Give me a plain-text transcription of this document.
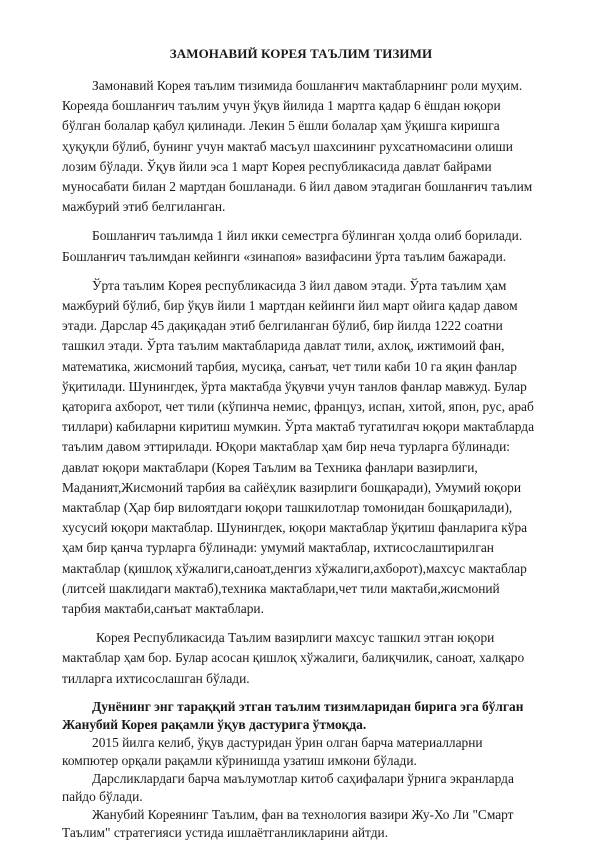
ЗАМОНАВИЙ КОРЕЯ ТАЪЛИМ ТИЗИМИ

Замонавий Корея таълим тизимида бошланғич мактабларнинг роли муҳим. Кореяда бошланғич таълим учун ўқув йилида 1 мартга қадар 6 ёшдан юқори бўлган болалар қабул қилинади. Лекин 5 ёшли болалар ҳам ўқишга киришга ҳуқуқли бўлиб, бунинг учун мактаб масъул шахсининг рухсатномасини олиши лозим бўлади. Ўқув йили эса 1 март Корея республикасида давлат байрами муносабати билан 2 мартдан бошланади. 6 йил давом этадиган бошланғич таълим мажбурий этиб белгиланган.

Бошланғич таълимда 1 йил икки семестрга бўлинган ҳолда олиб борилади. Бошланғич таълимдан кейинги «зинапоя» вазифасини ўрта таълим бажаради.

Ўрта таълим Корея республикасида 3 йил давом этади. Ўрта таълим ҳам мажбурий бўлиб, бир ўқув йили 1 мартдан кейинги йил март ойига қадар давом этади. Дарслар 45 дақиқадан этиб белгиланган бўлиб, бир йилда 1222 соатни ташкил этади. Ўрта таълим мактабларида давлат тили, ахлоқ, ижтимоий фан, математика, жисмоний тарбия, мусиқа, санъат, чет тили каби 10 га яқин фанлар ўқитилади. Шунингдек, ўрта мактабда ўқувчи учун танлов фанлар мавжуд. Булар қаторига ахборот, чет тили (кўпинча немис, француз, испан, хитой, япон, рус, араб тиллари) кабиларни киритиш мумкин. Ўрта мактаб тугатилгач юқори мактабларда таълим давом эттирилади. Юқори мактаблар ҳам бир неча турларга бўлинади: давлат юқори мактаблари (Корея Таълим ва Техника фанлари вазирлиги, Маданият,Жисмоний тарбия ва сайёҳлик вазирлиги бошқаради), Умумий юқори мактаблар (Ҳар бир вилоятдаги юқори ташкилотлар томонидан бошқарилади), хусусий юқори мактаблар. Шунингдек, юқори мактаблар ўқитиш фанларига кўра ҳам бир қанча турларга бўлинади: умумий мактаблар, ихтисослаштирилган мактаблар (қишлоқ хўжалиги,саноат,денгиз хўжалиги,ахборот),махсус мактаблар (литсей шаклидаги мактаб),техника мактаблари,чет тили мактаби,жисмоний тарбия мактаби,санъат мактаблари.

Корея Республикасида Таълим вазирлиги махсус ташкил этган юқори мактаблар ҳам бор. Булар асосан қишлоқ хўжалиги, балиқчилик, саноат, халқаро тилларга ихтисослашган бўлади.

Дунёнинг энг тараққий этган таълим тизимларидан бирига эга бўлган Жанубий Корея рақамли ўқув дастурига ўтмоқда.

2015 йилга келиб, ўқув дастуридан ўрин олган барча материалларни компютер орқали рақамли кўринишда узатиш имкони бўлади.

Дарсликлардаги барча маълумотлар китоб саҳифалари ўрнига экранларда пайдо бўлади.

Жанубий Кореянинг Таълим, фан ва технология вазири Жу-Хо Ли "Смарт Таълим" стратегияси устида ишлаётганликларини айтди.
